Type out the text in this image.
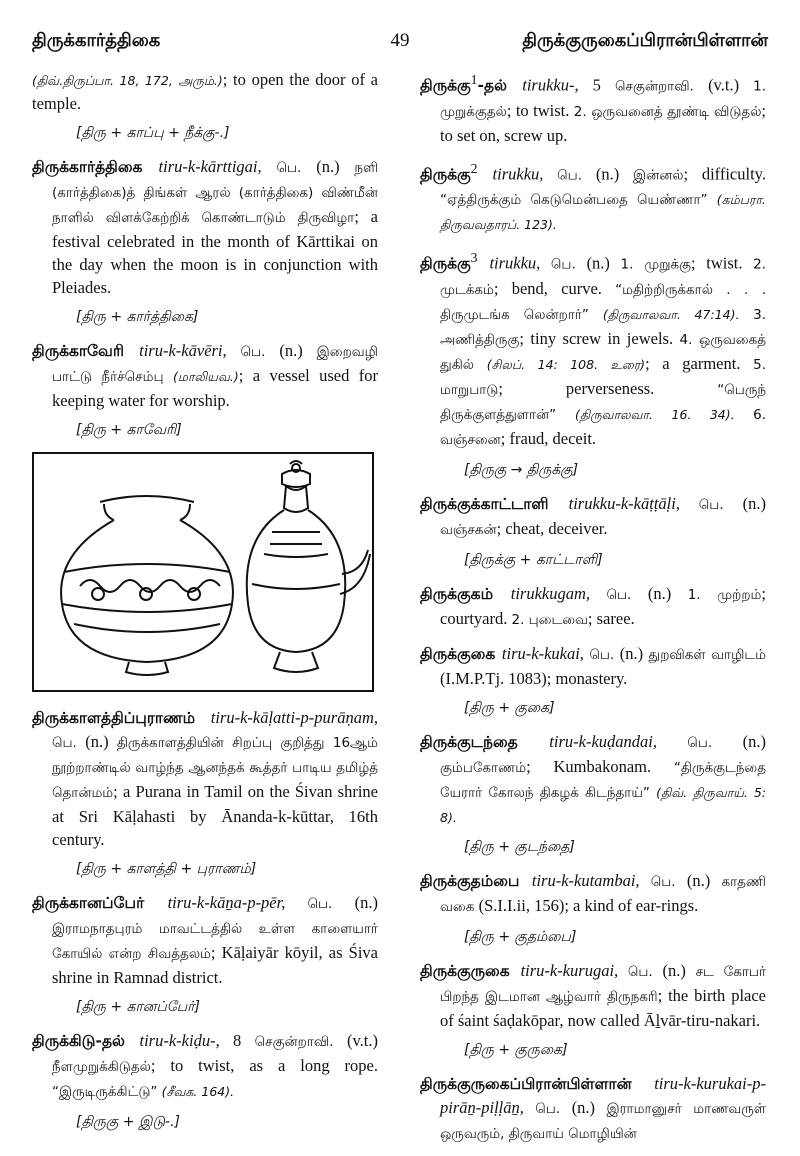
திருக்கார்த்திகை	49	திருக்குருகைப்பிரான்பிள்ளான்

(திவ்.திருப்பா. 18, 172, அரும்.); to open the door of a temple.

[திரு + காப்பு + நீக்கு-.]

திருக்கார்த்திகை tiru-k-kārttigai, பெ. (n.) நளி (கார்த்திகை)த் திங்கள் ஆரல் (கார்த்திகை) விண்மீன் நாளில் விளக்கேற்றிக் கொண்டாடும் திருவிழா; a festival celebrated in the month of Kārttikai on the day when the moon is in conjunction with Pleiades.

[திரு + கார்த்திகை]

திருக்காவேரி tiru-k-kāvēri, பெ. (n.) இறைவழி பாட்டு நீர்ச்செம்பு (மாலியவ.); a vessel used for keeping water for worship.

[திரு + காவேரி]

திருக்காளத்திப்புராணம் tiru-k-kāḷatti-p-purāṇam, பெ. (n.) திருக்காளத்தியின் சிறப்பு குறித்து 16ஆம் நூற்றாண்டில் வாழ்ந்த ஆனந்தக் கூத்தர் பாடிய தமிழ்த் தொன்மம்; a Purana in Tamil on the Śivan shrine at Sri Kāḷahasti by Ānanda-k-kūttar, 16th century.

[திரு + காளத்தி + புராணம்]

திருக்கானப்பேர் tiru-k-kāṉa-p-pēr, பெ. (n.) இராமநாதபுரம் மாவட்டத்தில் உள்ள காளையார் கோயில் என்ற சிவத்தலம்; Kāḷaiyār kōyil, as Śiva shrine in Ramnad district.

[திரு + கானப்பேர்]

திருக்கிடு-தல் tiru-k-kiḍu-, 8 செகுன்றாவி. (v.t.) நீளமுறுக்கிடுதல்; to twist, as a long rope. “இருடிருக்கிட்டு” (சீவக. 164).

[திருகு + இடு-.]

திருக்கு$^1$-தல் tirukku-, 5 செகுன்றாவி. (v.t.) 1. முறுக்குதல்; to twist. 2. ஒருவனைத் தூண்டி விடுதல்; to set on, screw up.

திருக்கு$^2$ tirukku, பெ. (n.) இன்னல்; difficulty. “ஏத்திருக்கும் கெடுமென்பதை யெண்ணா” (கம்பரா. திருவவதாரப். 123).

திருக்கு$^3$ tirukku, பெ. (n.) 1. முறுக்கு; twist. 2. முடக்கம்; bend, curve. “மதிற்றிருக்கால் . . . திருமுடங்க லென்றார்” (திருவாலவா. 47:14). 3. அணித்திருகு; tiny screw in jewels. 4. ஒருவகைத் துகில் (சிலப். 14: 108. உரை); a garment. 5. மாறுபாடு; perverseness. “பெருந் திருக்குளத்துளான்” (திருவாலவா. 16. 34). 6. வஞ்சனை; fraud, deceit.

[திருகு → திருக்கு]

திருக்குக்காட்டாளி tirukku-k-kāṭṭāḷi, பெ. (n.) வஞ்சகன்; cheat, deceiver.

[திருக்கு + காட்டாளி]

திருக்குகம் tirukkugam, பெ. (n.) 1. முற்றம்; courtyard. 2. புடைவை; saree.

திருக்குகை tiru-k-kukai, பெ. (n.) துறவிகள் வாழிடம் (I.M.P.Tj. 1083); monastery.

[திரு + குகை]

திருக்குடந்தை tiru-k-kuḍandai, பெ. (n.) கும்பகோணம்; Kumbakonam. “திருக்குடந்தை யேரார் கோலந் திகழக் கிடந்தாய்” (திவ். திருவாய். 5: 8).

[திரு + குடந்தை]

திருக்குதம்பை tiru-k-kutambai, பெ. (n.) காதணி வகை (S.I.I.ii, 156); a kind of ear-rings.

[திரு + குதம்பை]

திருக்குருகை tiru-k-kurugai, பெ. (n.) சட கோபர் பிறந்த இடமான ஆழ்வார் திருநகரி; the birth place of śaint śaḍakōpar, now called Āḻvār-tiru-nakari.

[திரு + குருகை]

திருக்குருகைப்பிரான்பிள்ளான் tiru-k-kurukai-p-pirāṉ-piḷḷāṉ, பெ. (n.) இராமானுசர் மாணவருள் ஒருவரும், திருவாய் மொழியின்
